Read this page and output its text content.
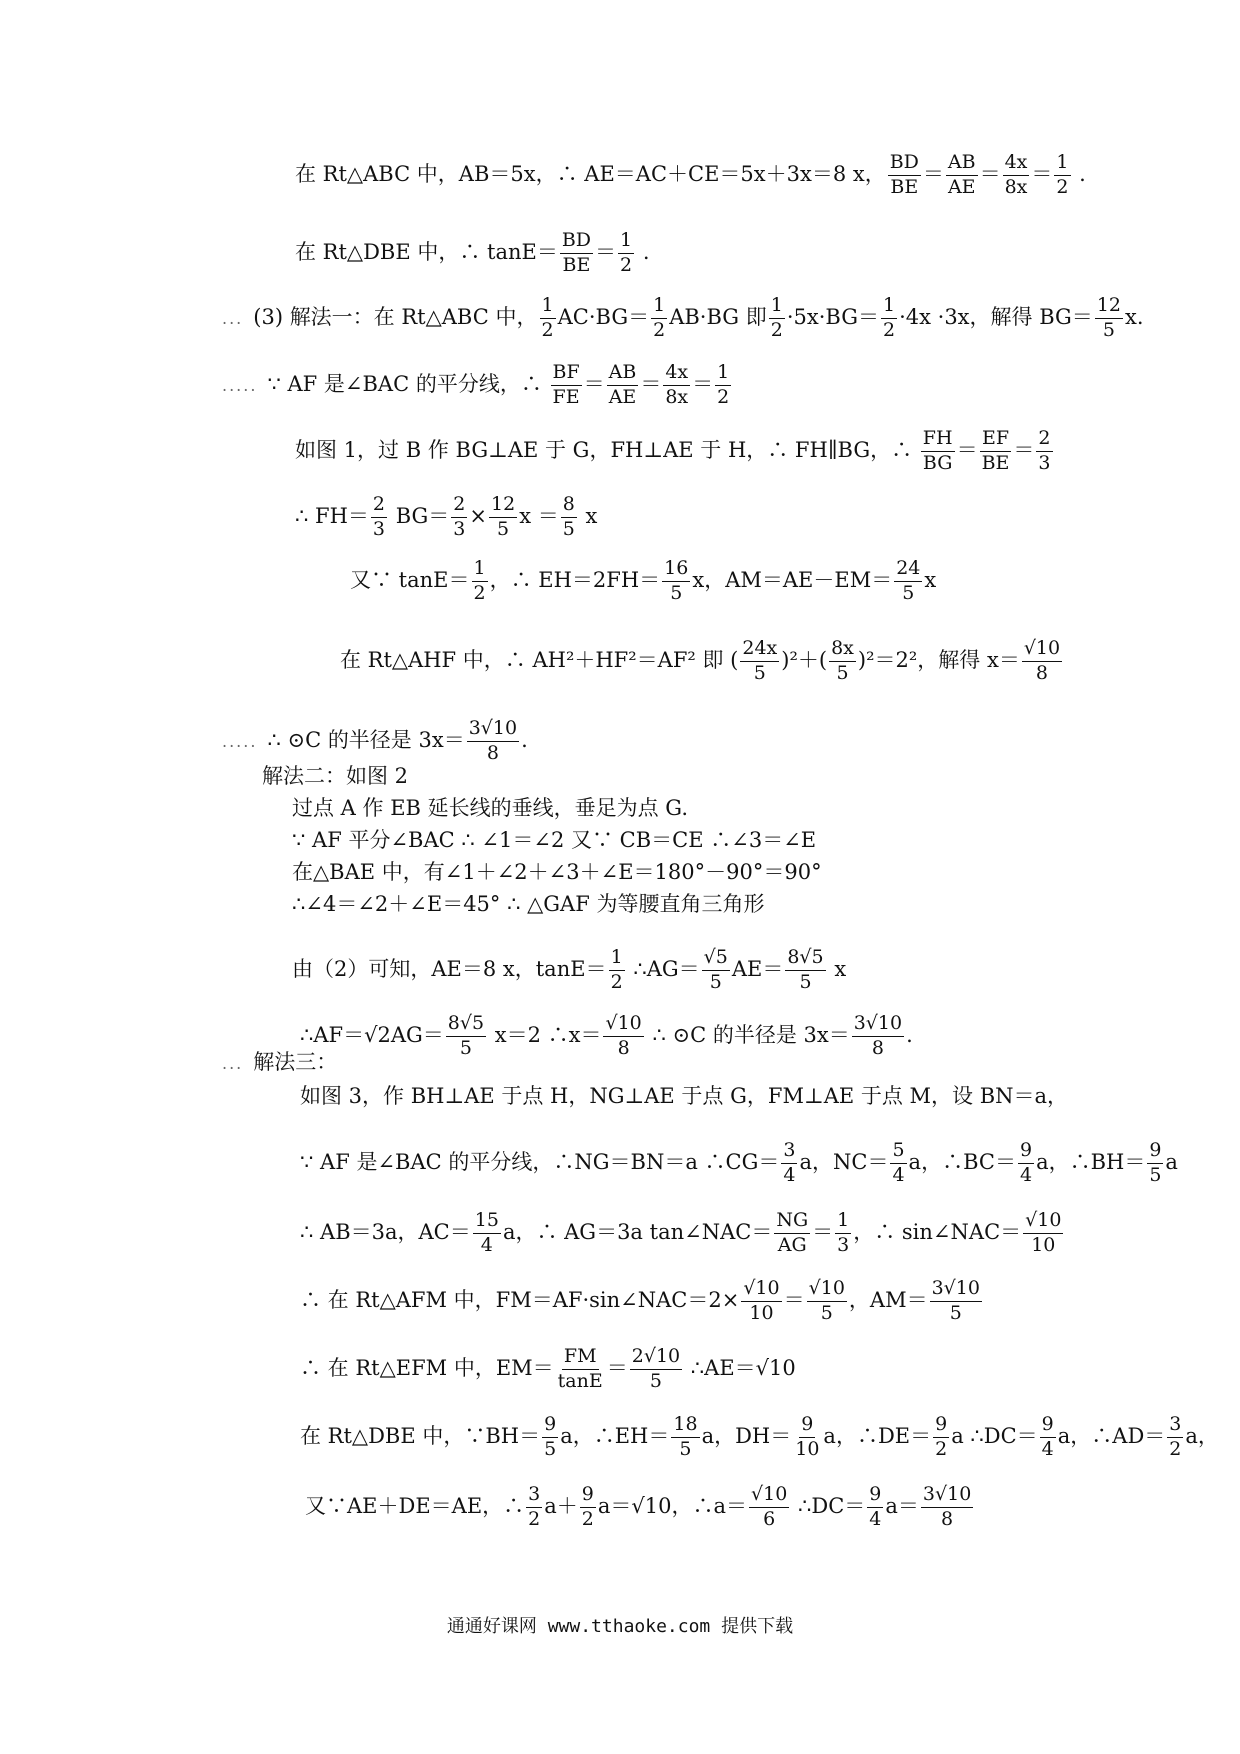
在 Rt△ABC 中，AB＝5x，∴ AE＝AC＋CE＝5x＋3x＝8 x， $\frac{BD}{BE} = \frac{AB}{AE} = \frac{4x}{8x} = \frac{1}{2}$ .
在 Rt△DBE 中，∴ $\tan E= \frac{BD}{BE} = \frac{1}{2}$ .
... (3) 解法一：在 Rt△ABC 中， $\frac{1}{2} AC\cdot BG= \frac{1}{2} AB\cdot BG$ 即 $\frac{1}{2} \cdot 5x\cdot BG= \frac{1}{2} \cdot 4x \cdot 3x$，解得 $BG= \frac{12}{5} x$.
..... ∵ AF 是∠BAC 的平分线，∴ $\frac{BF}{FE} = \frac{AB}{AE} = \frac{4x}{8x} = \frac{1}{2}$
如图 1，过 B 作 BG⊥AE 于 G，FH⊥AE 于 H，∴ FH∥BG，∴ $\frac{FH}{BG} = \frac{EF}{BE} = \frac{2}{3}$
∴ $FH= \frac{2}{3} BG= \frac{2}{3} \times \frac{12}{5}$ $x = \frac{8}{5}$ x
又∵ $\tan E= \frac{1}{2}$ ，∴ $EH=2FH= \frac{16}{5}$ x，$AM=AE-EM= \frac{24}{5}$ x
在 Rt△AHF 中，∴ AH²＋HF²＝AF² 即 ( $\frac{24x}{5} )^2+( \frac{8x}{5} )^2=2^2$，解得 $x= \frac{√10}{8}$
..... ∴ ⊙C 的半径是 $3x= \frac{3√10}{8}$ .
解法二：如图 2
过点 A 作 EB 延长线的垂线，垂足为点 G.
∵ AF 平分∠BAC ∴ ∠1＝∠2 又∵ CB＝CE ∴∠3＝∠E
在△BAE 中，有∠1＋∠2＋∠3＋∠E＝180°－90°＝90°
∴∠4＝∠2＋∠E＝45° ∴ △GAF 为等腰直角三角形
由（2）可知，AE＝8 x，$\tan E= \frac{1}{2}$ ∴AG＝ $\frac{√5}{5} AE= \frac{8√5}{5}$ x
∴AF＝√2AG＝ $\frac{8√5}{5} x=2$ ∴x＝ $\frac{√10}{8}$ ∴ ⊙C 的半径是 $3x= \frac{3√10}{8}$ .
... 解法三：
如图 3，作 BH⊥AE 于点 H，NG⊥AE 于点 G，FM⊥AE 于点 M，设 BN＝a，
∵ AF 是∠BAC 的平分线，∴NG＝BN＝a ∴CG＝ $\frac{3}{4}$ a，$NC= \frac{5}{4}$ a，∴BC＝ $\frac{9}{4}$ a，∴BH＝ $\frac{9}{5}$ a
∴ AB＝3a，$AC= \frac{15}{4}$ a，∴ AG＝3a tan∠NAC＝ $\frac{NG}{AG} = \frac{1}{3}$ ，∴ sin∠NAC＝ $\frac{√10}{10}$
∴ 在 Rt△AFM 中，FM＝AF·sin∠NAC＝2× $\frac{√10}{10} = \frac{√10}{5}$ ，$AM= \frac{3√10}{5}$
∴ 在 Rt△EFM 中，$EM= \frac{FM}{\tan E} = \frac{2√10}{5}$ ∴AE＝√10
在 Rt△DBE 中，∵BH＝ $\frac{9}{5}$ a，∴EH＝ $\frac{18}{5}$ a，$DH= \frac{9}{10}$ a，∴DE＝ $\frac{9}{2}$ a ∴DC＝ $\frac{9}{4}$ a，∴AD＝ $\frac{3}{2}$ a，
又∵AE＋DE＝AE，∴ $\frac{3}{2} a+ \frac{9}{2} a=√10$，∴a＝ $\frac{√10}{6}$ ∴DC＝ $\frac{9}{4} a= \frac{3√10}{8}$
通通好课网 www.tthaoke.com 提供下载
